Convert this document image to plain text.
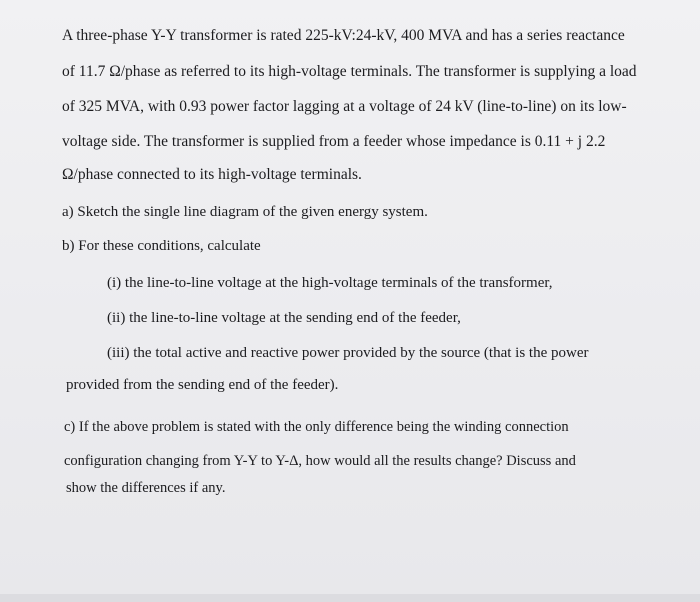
A three-phase Y-Y transformer is rated 225-kV:24-kV, 400 MVA and has a series reactance
of 11.7 Ω/phase as referred to its high-voltage terminals. The transformer is supplying a load
of 325 MVA, with 0.93 power factor lagging at a voltage of 24 kV (line-to-line) on its low-
voltage side. The transformer is supplied from a feeder whose impedance is 0.11 + j 2.2
Ω/phase connected to its high-voltage terminals.
a) Sketch the single line diagram of the given energy system.
b) For these conditions, calculate
(i) the line-to-line voltage at the high-voltage terminals of the transformer,
(ii) the line-to-line voltage at the sending end of the feeder,
(iii) the total active and reactive power provided by the source (that is the power
provided from the sending end of the feeder).
c) If the above problem is stated with the only difference being the winding connection
configuration changing from Y-Y to Y-Δ, how would all the results change? Discuss and
show the differences if any.
